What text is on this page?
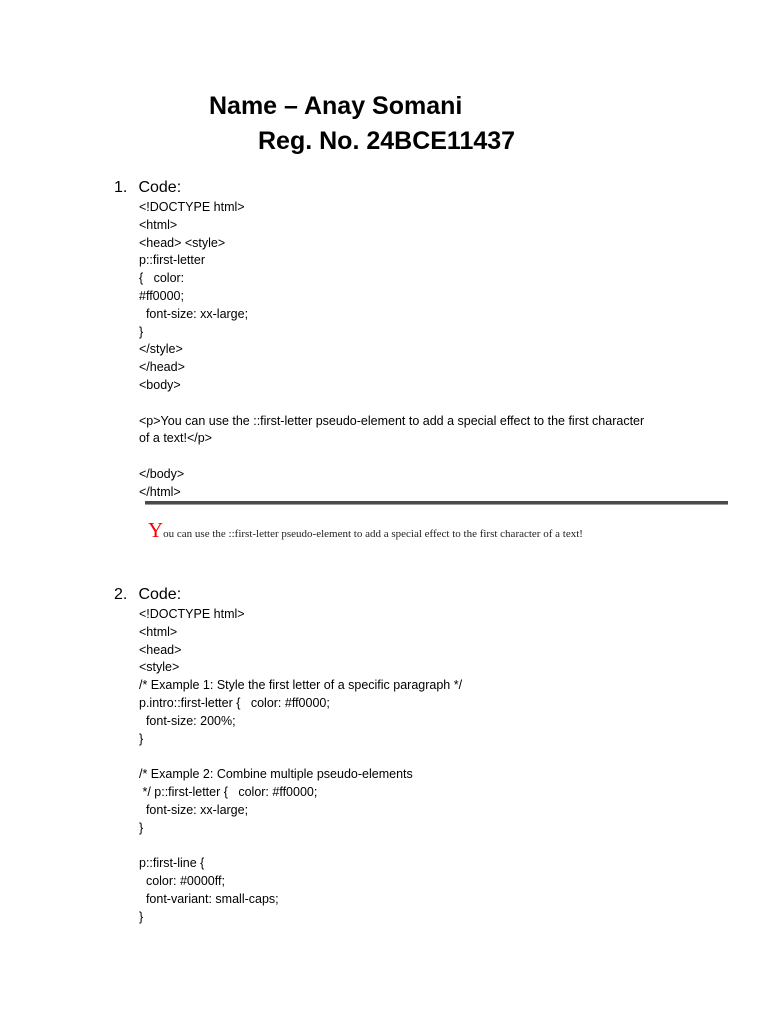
Name – Anay Somani
Reg. No. 24BCE11437
1. Code:
<!DOCTYPE html>
<html>
<head> <style>
p::first-letter
{   color:
#ff0000;
font-size: xx-large;
}
</style>
</head>
<body>
<p>You can use the ::first-letter pseudo-element to add a special effect to the first character
of a text!</p>
</body>
</html>
You can use the ::first-letter pseudo-element to add a special effect to the first character of a text!
2. Code:
<!DOCTYPE html>
<html>
<head>
<style>
/* Example 1: Style the first letter of a specific paragraph */
p.intro::first-letter {   color: #ff0000;
font-size: 200%;
}
/* Example 2: Combine multiple pseudo-elements
*/ p::first-letter {   color: #ff0000;
font-size: xx-large;
}
p::first-line {
color: #0000ff;
font-variant: small-caps;
}
